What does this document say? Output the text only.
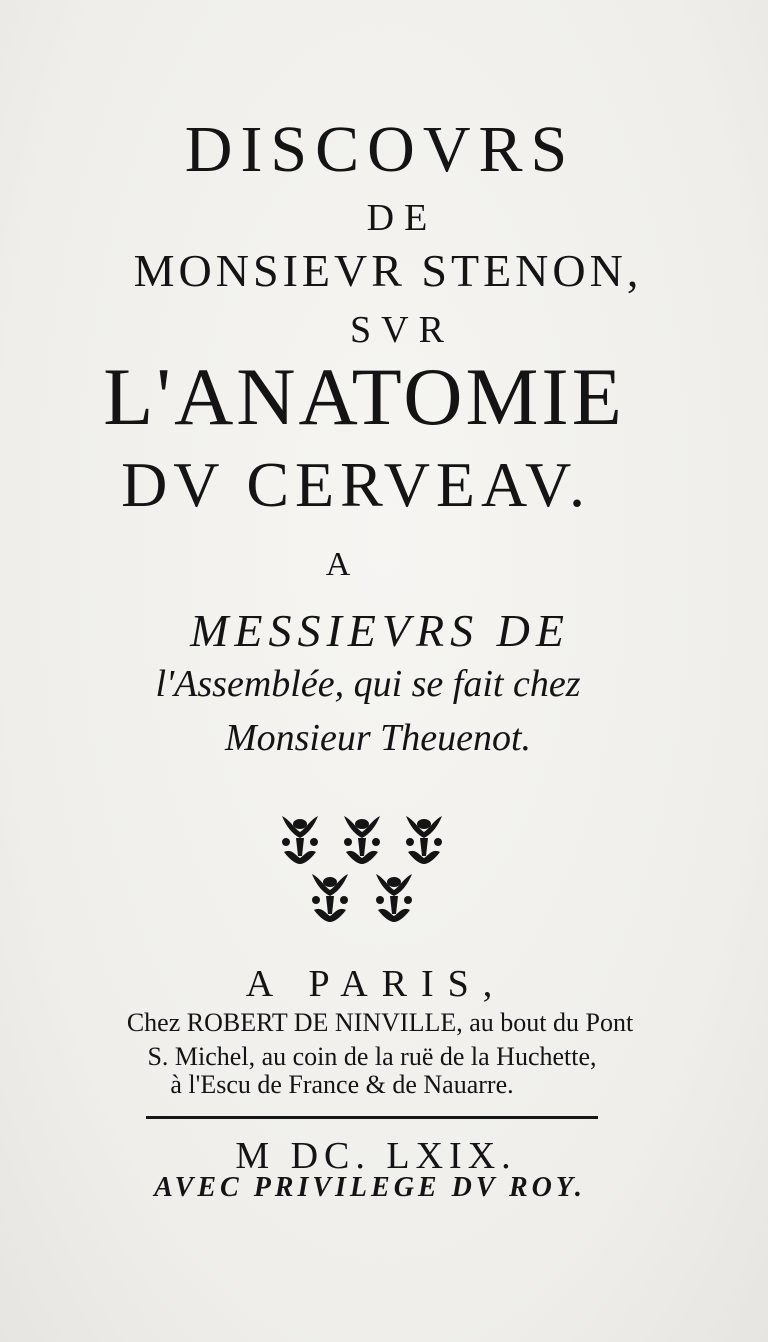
DISCOVRS
DE
MONSIEVR STENON,
SVR
L'ANATOMIE
DV CERVEAV.
A
MESSIEVRS DE
l'Assemblée, qui se fait chez
Monsieur Theuenot.
A PARIS,
Chez ROBERT DE NINVILLE, au bout du Pont
S. Michel, au coin de la ruë de la Huchette,
à l'Escu de France & de Nauarre.
M DC. LXIX.
AVEC PRIVILEGE DV ROY.
